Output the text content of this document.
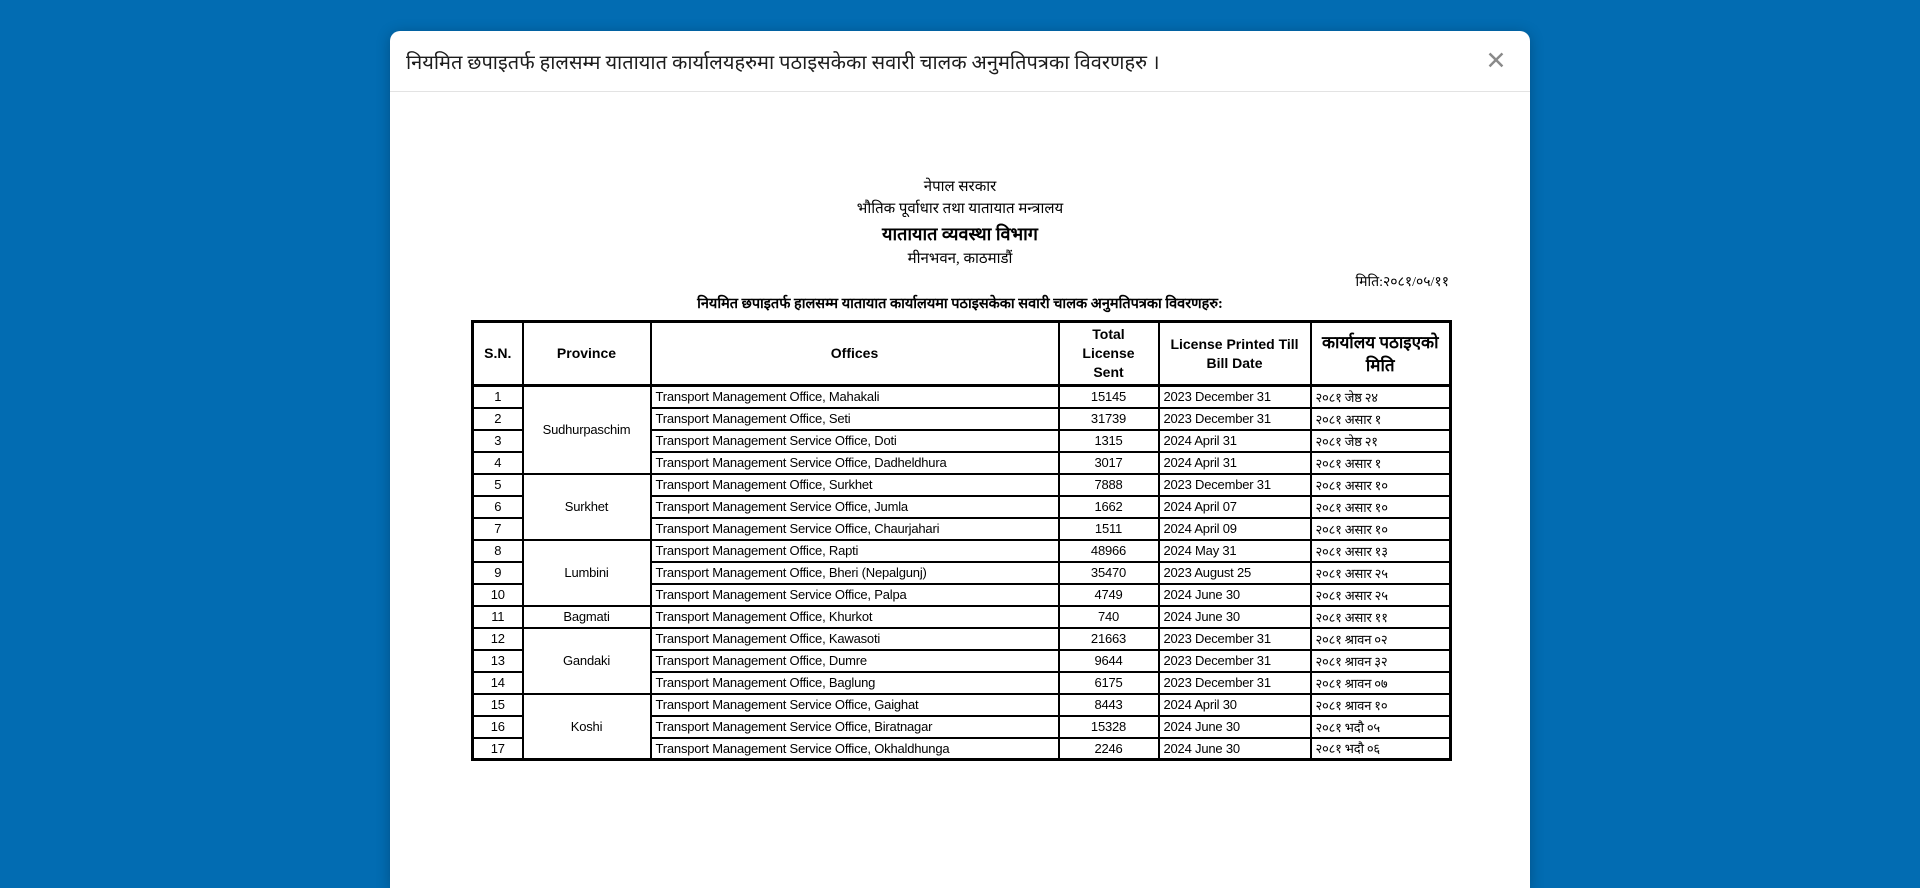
नियमित छपाइतर्फ हालसम्म यातायात कार्यालयहरुमा पठाइसकेका सवारी चालक अनुमतिपत्रका विवरणहरु ।	✕
नेपाल सरकार
भौतिक पूर्वाधार तथा यातायात मन्त्रालय
यातायात व्यवस्था विभाग
मीनभवन, काठमाडौं
मिति:२०८१/०५/११
नियमित छपाइतर्फ हालसम्म यातायात कार्यालयमा पठाइसकेका सवारी चालक अनुमतिपत्रका विवरणहरु:
S.N.	Province	Offices	Total License Sent	License Printed Till Bill Date	कार्यालय पठाइएको मिति
1	Sudhurpaschim	Transport Management Office, Mahakali	15145	2023 December 31	२०८१ जेष्ठ २४
2		Transport Management Office, Seti	31739	2023 December 31	२०८१ असार १
3		Transport Management Service Office, Doti	1315	2024 April 31	२०८१ जेष्ठ २१
4		Transport Management Service Office, Dadheldhura	3017	2024 April 31	२०८१ असार १
5	Surkhet	Transport Management Office, Surkhet	7888	2023 December 31	२०८१ असार १०
6		Transport Management Service Office, Jumla	1662	2024 April 07	२०८१ असार १०
7		Transport Management Service Office, Chaurjahari	1511	2024 April 09	२०८१ असार १०
8	Lumbini	Transport Management Office, Rapti	48966	2024 May 31	२०८१ असार १३
9		Transport Management Office, Bheri (Nepalgunj)	35470	2023 August 25	२०८१ असार २५
10		Transport Management Service Office, Palpa	4749	2024 June 30	२०८१ असार २५
11	Bagmati	Transport Management Office, Khurkot	740	2024 June 30	२०८१ असार ११
12	Gandaki	Transport Management Office, Kawasoti	21663	2023 December 31	२०८१ श्रावन ०२
13		Transport Management Office, Dumre	9644	2023 December 31	२०८१ श्रावन ३२
14		Transport Management Office, Baglung	6175	2023 December 31	२०८१ श्रावन ०७
15	Koshi	Transport Management Service Office, Gaighat	8443	2024 April 30	२०८१ श्रावन १०
16		Transport Management Service Office, Biratnagar	15328	2024 June 30	२०८१ भदौ ०५
17		Transport Management Service Office, Okhaldhunga	2246	2024 June 30	२०८१ भदौ ०६
